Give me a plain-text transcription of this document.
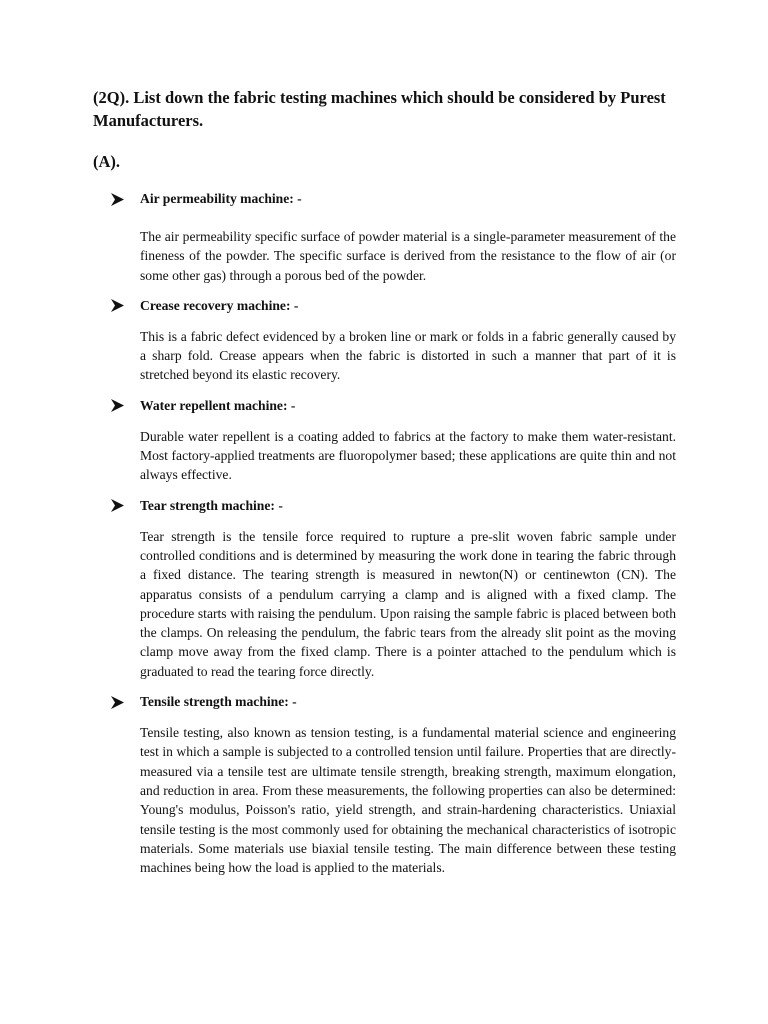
(2Q). List down the fabric testing machines which should be considered by Purest Manufacturers.
(A).
Air permeability machine: -

The air permeability specific surface of powder material is a single-parameter measurement of the fineness of the powder. The specific surface is derived from the resistance to the flow of air (or some other gas) through a porous bed of the powder.

Crease recovery machine: -

This is a fabric defect evidenced by a broken line or mark or folds in a fabric generally caused by a sharp fold. Crease appears when the fabric is distorted in such a manner that part of it is stretched beyond its elastic recovery.

Water repellent machine: -

Durable water repellent is a coating added to fabrics at the factory to make them water-resistant. Most factory-applied treatments are fluoropolymer based; these applications are quite thin and not always effective.

Tear strength machine: -

Tear strength is the tensile force required to rupture a pre-slit woven fabric sample under controlled conditions and is determined by measuring the work done in tearing the fabric through a fixed distance. The tearing strength is measured in newton(N) or centinewton (CN). The apparatus consists of a pendulum carrying a clamp and is aligned with a fixed clamp. The procedure starts with raising the pendulum. Upon raising the sample fabric is placed between both the clamps. On releasing the pendulum, the fabric tears from the already slit point as the moving clamp move away from the fixed clamp. There is a pointer attached to the pendulum which is graduated to read the tearing force directly.

Tensile strength machine: -

Tensile testing, also known as tension testing, is a fundamental material science and engineering test in which a sample is subjected to a controlled tension until failure. Properties that are directly-measured via a tensile test are ultimate tensile strength, breaking strength, maximum elongation, and reduction in area. From these measurements, the following properties can also be determined: Young's modulus, Poisson's ratio, yield strength, and strain-hardening characteristics. Uniaxial tensile testing is the most commonly used for obtaining the mechanical characteristics of isotropic materials. Some materials use biaxial tensile testing. The main difference between these testing machines being how the load is applied to the materials.
